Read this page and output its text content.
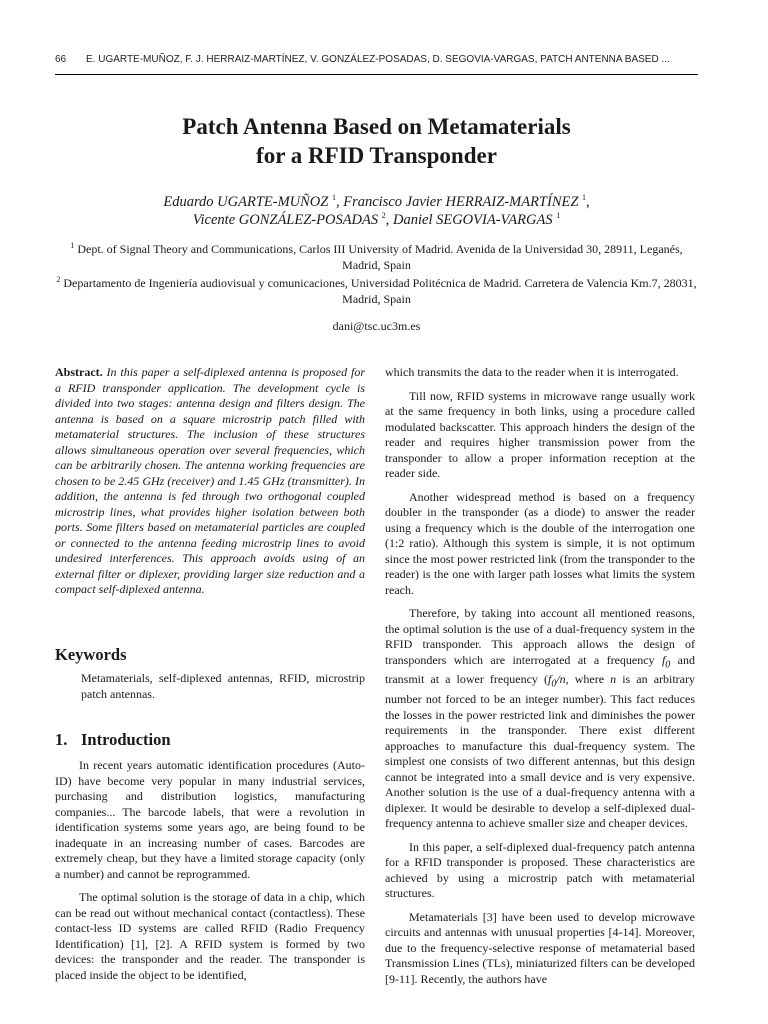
66 E. UGARTE-MUÑOZ, F. J. HERRAIZ-MARTÍNEZ, V. GONZÁLEZ-POSADAS, D. SEGOVIA-VARGAS, PATCH ANTENNA BASED ...
Patch Antenna Based on Metamaterials
for a RFID Transponder
Eduardo UGARTE-MUÑOZ $^1$, Francisco Javier HERRAIZ-MARTÍNEZ $^1$,
Vicente GONZÁLEZ-POSADAS $^2$, Daniel SEGOVIA-VARGAS $^1$

$^1$ Dept. of Signal Theory and Communications, Carlos III University of Madrid. Avenida de la Universidad 30, 28911, Leganés, Madrid, Spain

$^2$ Departamento de Ingeniería audiovisual y comunicaciones, Universidad Politécnica de Madrid. Carretera de Valencia Km.7, 28031, Madrid, Spain

dani@tsc.uc3m.es

Abstract. In this paper a self-diplexed antenna is proposed for a RFID transponder application. The development cycle is divided into two stages: antenna design and filters design. The antenna is based on a square microstrip patch filled with metamaterial structures. The inclusion of these structures allows simultaneous operation over several frequencies, which can be arbitrarily chosen. The antenna working frequencies are chosen to be 2.45 GHz (receiver) and 1.45 GHz (transmitter). In addition, the antenna is fed through two orthogonal coupled microstrip lines, what provides higher isolation between both ports. Some filters based on metamaterial particles are coupled or connected to the antenna feeding microstrip lines to avoid undesired interferences. This approach avoids using of an external filter or diplexer, providing larger size reduction and a compact self-diplexed antenna.

Keywords

Metamaterials, self-diplexed antennas, RFID, microstrip patch antennas.

1. Introduction

In recent years automatic identification procedures (Auto-ID) have become very popular in many industrial services, purchasing and distribution logistics, manufacturing companies... The barcode labels, that were a revolution in identification systems some years ago, are being found to be inadequate in an increasing number of cases. Barcodes are extremely cheap, but they have a limited storage capacity (only a number) and cannot be reprogrammed.

The optimal solution is the storage of data in a chip, which can be read out without mechanical contact (contactless). These contact-less ID systems are called RFID (Radio Frequency Identification) [1], [2]. A RFID system is formed by two devices: the transponder and the reader. The transponder is placed inside the object to be identified,

which transmits the data to the reader when it is interrogated.

Till now, RFID systems in microwave range usually work at the same frequency in both links, using a procedure called modulated backscatter. This approach hinders the design of the reader and requires higher transmission power from the transponder to allow a proper information reception at the reader side.

Another widespread method is based on a frequency doubler in the transponder (as a diode) to answer the reader using a frequency which is the double of the interrogation one (1:2 ratio). Although this system is simple, it is not optimum since the most power restricted link (from the transponder to the reader) is the one with larger path losses what limits the system reach.

Therefore, by taking into account all mentioned reasons, the optimal solution is the use of a dual-frequency system in the RFID transponder. This approach allows the design of transponders which are interrogated at a frequency $f_0$ and transmit at a lower frequency ($f_0/n$, where n is an arbitrary number not forced to be an integer number). This fact reduces the losses in the power restricted link and diminishes the power requirements in the transponder. There exist different approaches to manufacture this dual-frequency system. The simplest one consists of two different antennas, but this design cannot be integrated into a small device and is very expensive. Another solution is the use of a dual-frequency antenna with a diplexer. It would be desirable to develop a self-diplexed dual-frequency antenna to achieve smaller size and cheaper devices.

In this paper, a self-diplexed dual-frequency patch antenna for a RFID transponder is proposed. These characteristics are achieved by using a microstrip patch with metamaterial structures.

Metamaterials [3] have been used to develop microwave circuits and antennas with unusual properties [4-14]. Moreover, due to the frequency-selective response of metamaterial based Transmission Lines (TLs), miniaturized filters can be developed [9-11]. Recently, the authors have
